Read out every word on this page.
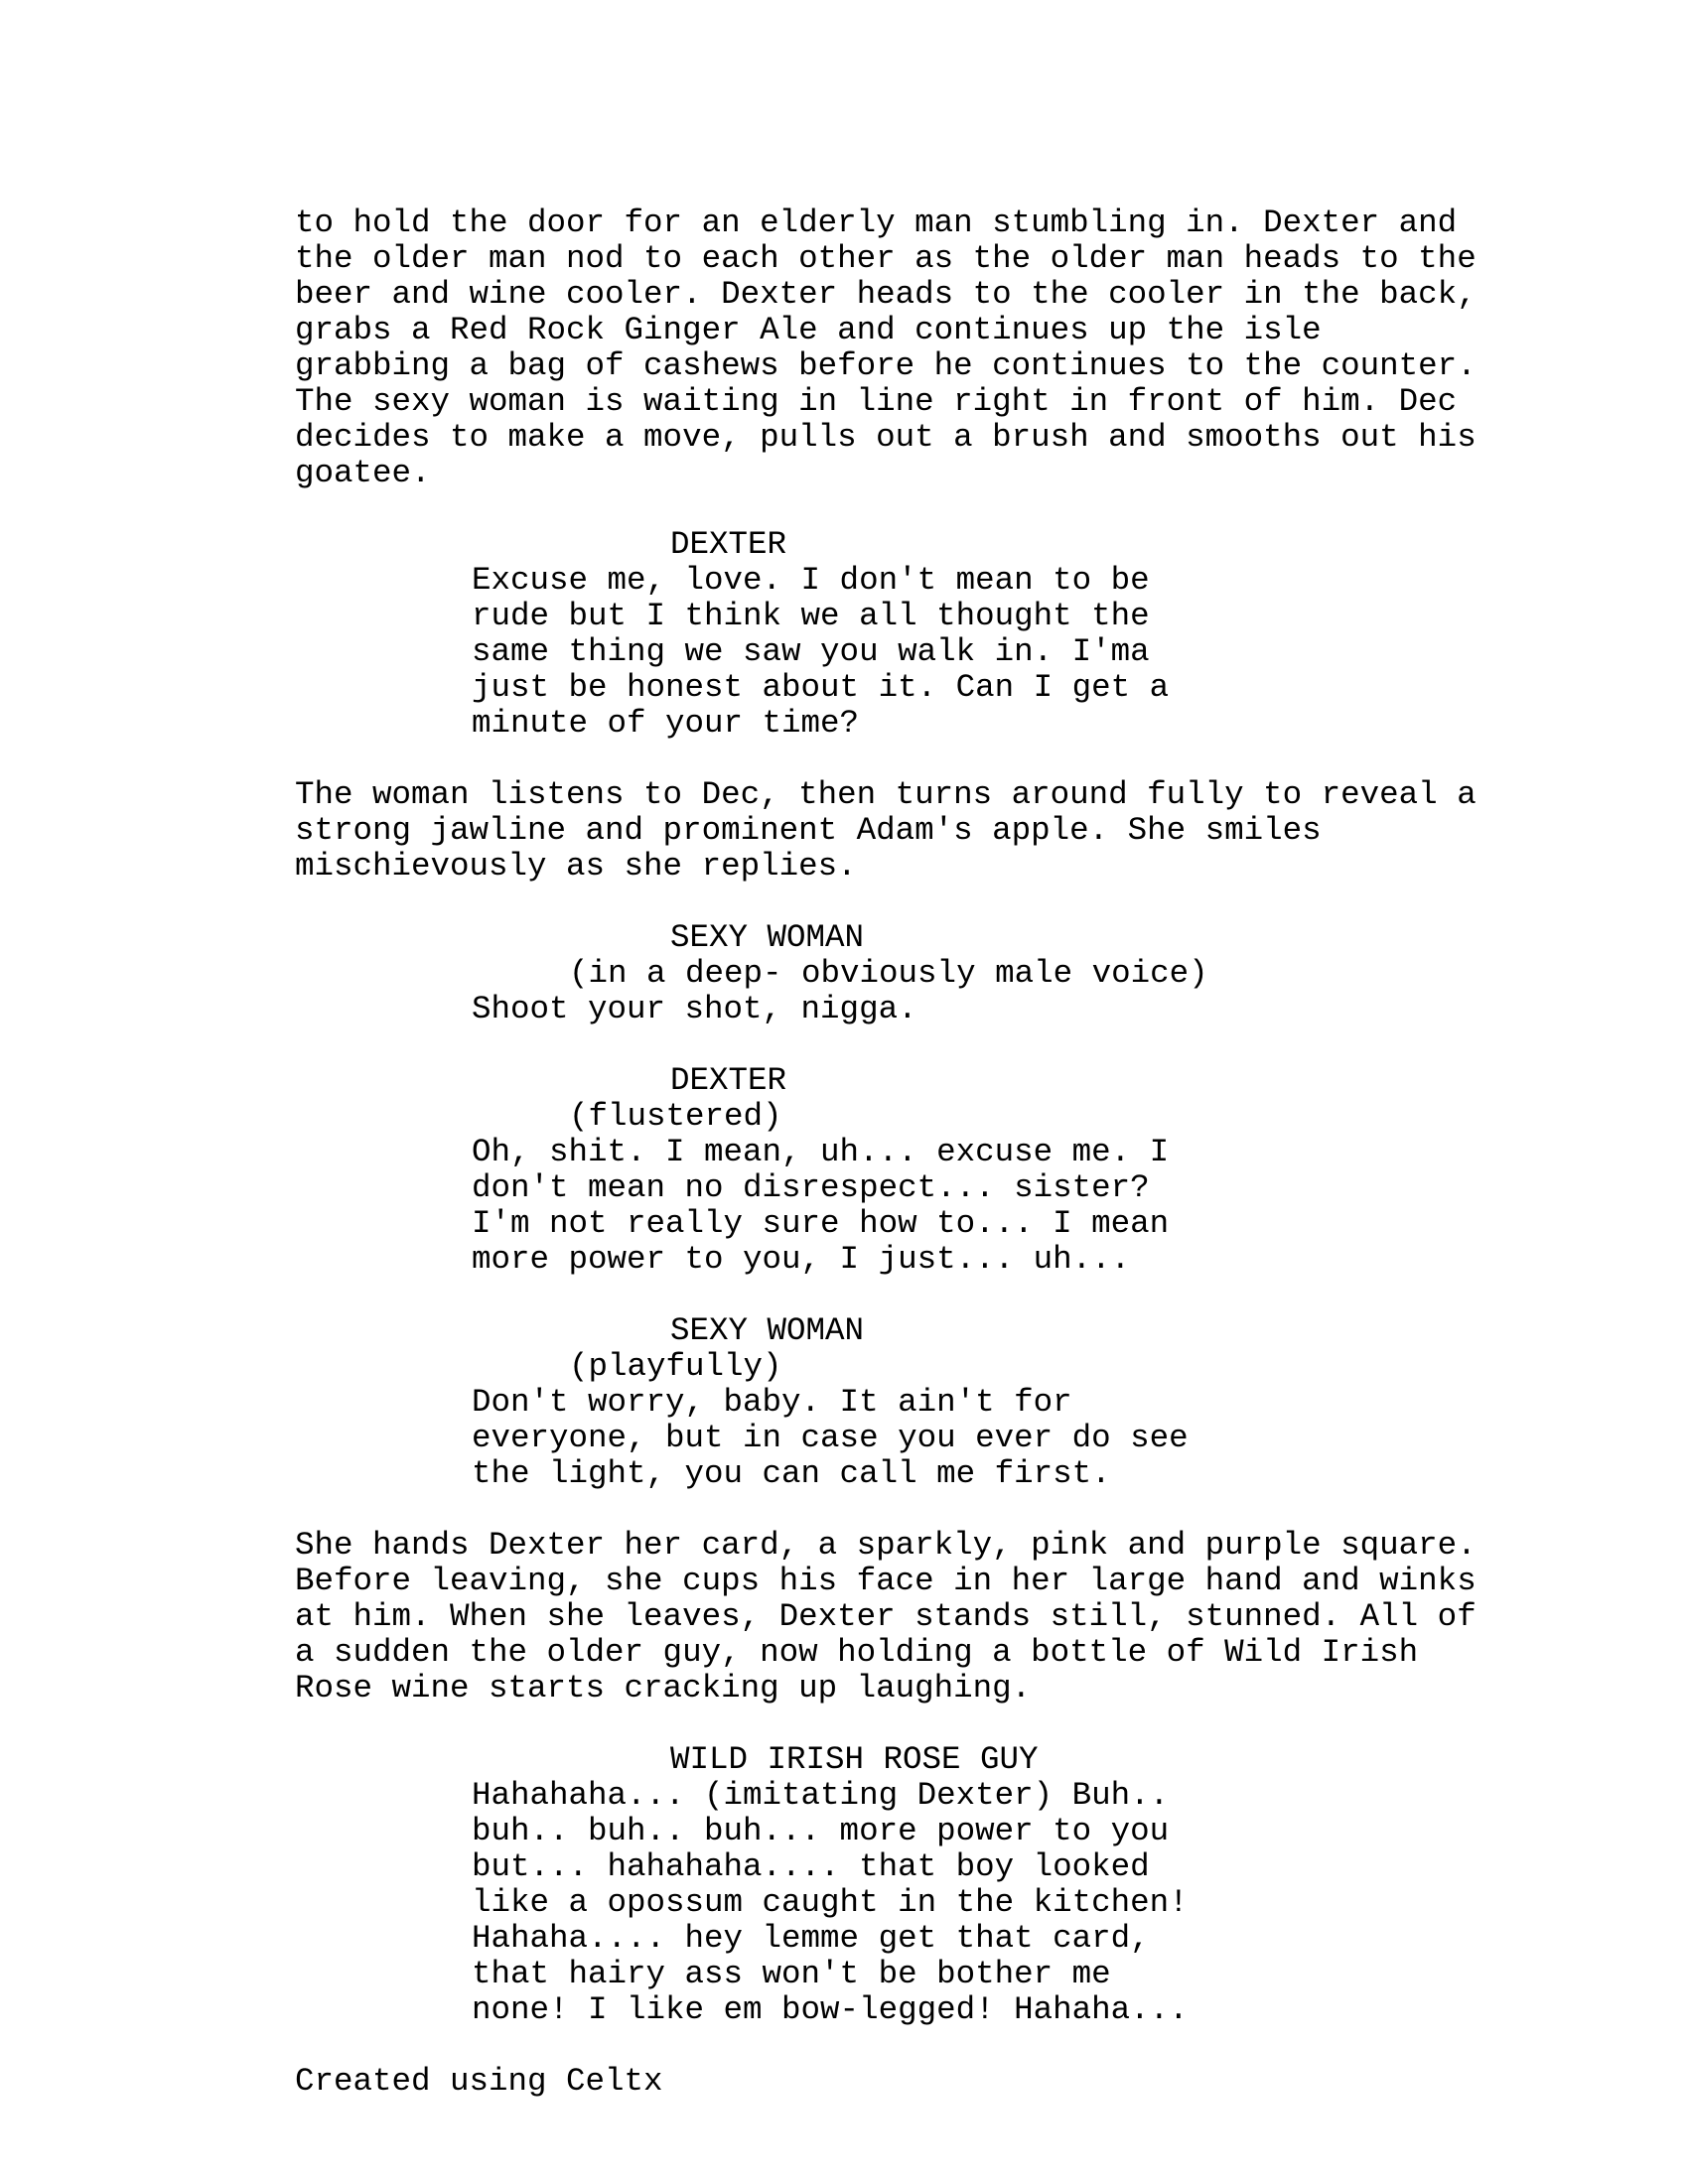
to hold the door for an elderly man stumbling in. Dexter and
the older man nod to each other as the older man heads to the
beer and wine cooler. Dexter heads to the cooler in the back,
grabs a Red Rock Ginger Ale and continues up the isle
grabbing a bag of cashews before he continues to the counter.
The sexy woman is waiting in line right in front of him. Dec
decides to make a move, pulls out a brush and smooths out his
goatee.
DEXTER
Excuse me, love. I don't mean to be
rude but I think we all thought the
same thing we saw you walk in. I'ma
just be honest about it. Can I get a
minute of your time?
The woman listens to Dec, then turns around fully to reveal a
strong jawline and prominent Adam's apple. She smiles
mischievously as she replies.
SEXY WOMAN
(in a deep- obviously male voice)
Shoot your shot, nigga.
DEXTER
(flustered)
Oh, shit. I mean, uh... excuse me. I
don't mean no disrespect... sister?
I'm not really sure how to... I mean
more power to you, I just... uh...
SEXY WOMAN
(playfully)
Don't worry, baby. It ain't for
everyone, but in case you ever do see
the light, you can call me first.
She hands Dexter her card, a sparkly, pink and purple square.
Before leaving, she cups his face in her large hand and winks
at him. When she leaves, Dexter stands still, stunned. All of
a sudden the older guy, now holding a bottle of Wild Irish
Rose wine starts cracking up laughing.
WILD IRISH ROSE GUY
Hahahaha... (imitating Dexter) Buh..
buh.. buh.. buh... more power to you
but... hahahaha.... that boy looked
like a opossum caught in the kitchen!
Hahaha.... hey lemme get that card,
that hairy ass won't be bother me
none! I like em bow-legged! Hahaha...
Created using Celtx
